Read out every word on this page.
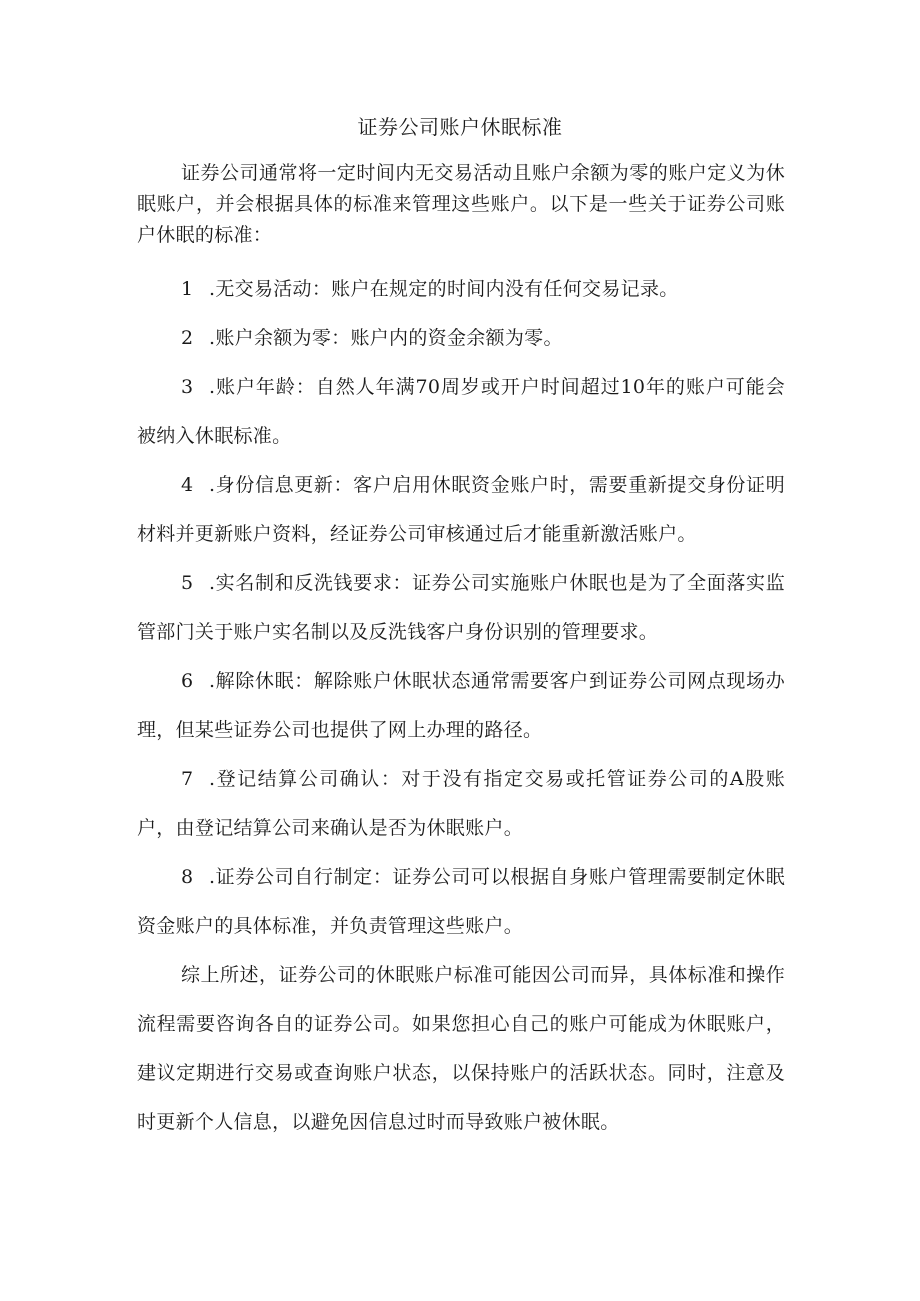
证券公司账户休眠标准

证券公司通常将一定时间内无交易活动且账户余额为零的账户定义为休眠账户，并会根据具体的标准来管理这些账户。以下是一些关于证券公司账户休眠的标准：

1 .无交易活动：账户在规定的时间内没有任何交易记录。

2 .账户余额为零：账户内的资金余额为零。

3 .账户年龄：自然人年满70周岁或开户时间超过10年的账户可能会被纳入休眠标准。

4 .身份信息更新：客户启用休眠资金账户时，需要重新提交身份证明材料并更新账户资料，经证券公司审核通过后才能重新激活账户。

5 .实名制和反洗钱要求：证券公司实施账户休眠也是为了全面落实监管部门关于账户实名制以及反洗钱客户身份识别的管理要求。

6 .解除休眠：解除账户休眠状态通常需要客户到证券公司网点现场办理，但某些证券公司也提供了网上办理的路径。

7 .登记结算公司确认：对于没有指定交易或托管证券公司的A股账户，由登记结算公司来确认是否为休眠账户。

8 .证券公司自行制定：证券公司可以根据自身账户管理需要制定休眠资金账户的具体标准，并负责管理这些账户。

综上所述，证券公司的休眠账户标准可能因公司而异，具体标准和操作流程需要咨询各自的证券公司。如果您担心自己的账户可能成为休眠账户，建议定期进行交易或查询账户状态，以保持账户的活跃状态。同时，注意及时更新个人信息，以避免因信息过时而导致账户被休眠。
